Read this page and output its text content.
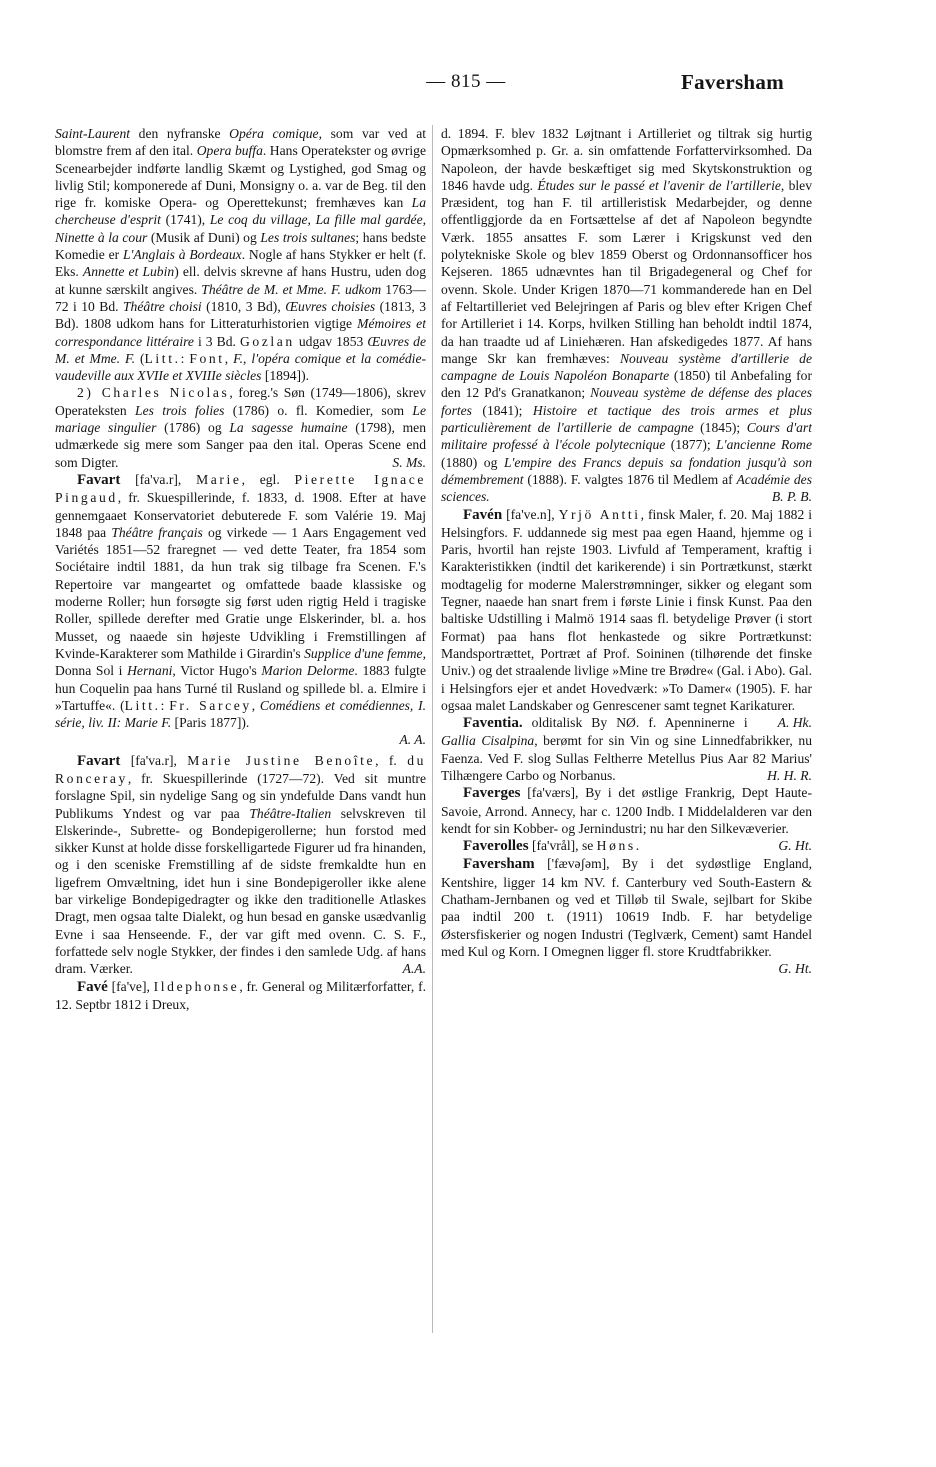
— 815 —	Faversham

Saint-Laurent den nyfranske Opéra comique, som var ved at blomstre frem af den ital. Opera buffa. Hans Operatekster og øvrige Scenearbejder indførte landlig Skæmt og Lystighed, god Smag og livlig Stil; komponerede af Duni, Monsigny o. a. var de Beg. til den rige fr. komiske Opera- og Operettekunst; fremhæves kan La chercheuse d'esprit (1741), Le coq du village, La fille mal gardée, Ninette à la cour (Musik af Duni) og Les trois sultanes; hans bedste Komedie er L'Anglais à Bordeaux. Nogle af hans Stykker er helt (f. Eks. Annette et Lubin) ell. delvis skrevne af hans Hustru, uden dog at kunne særskilt angives. Théâtre de M. et Mme. F. udkom 1763—72 i 10 Bd. Théâtre choisi (1810, 3 Bd), Œuvres choisies (1813, 3 Bd). 1808 udkom hans for Litteraturhistorien vigtige Mémoires et correspondance littéraire i 3 Bd. Gozlan udgav 1853 Œuvres de M. et Mme. F. (Litt.: Font, F., l'opéra comique et la comédie-vaudeville aux XVIIe et XVIIIe siècles [1894]).

2) Charles Nicolas, foreg.'s Søn (1749—1806), skrev Operateksten Les trois folies (1786) o. fl. Komedier, som Le mariage singulier (1786) og La sagesse humaine (1798), men udmærkede sig mere som Sanger paa den ital. Operas Scene end som Digter.	S. Ms.

Favart [fa'va.r], Marie, egl. Pierette Ignace Pingaud, fr. Skuespillerinde, f. 1833, d. 1908. Efter at have gennemgaaet Konservatoriet debuterede F. som Valérie 19. Maj 1848 paa Théâtre français og virkede — 1 Aars Engagement ved Variétés 1851—52 fraregnet — ved dette Teater, fra 1854 som Sociétaire indtil 1881, da hun trak sig tilbage fra Scenen. F.'s Repertoire var mangeartet og omfattede baade klassiske og moderne Roller; hun forsøgte sig først uden rigtig Held i tragiske Roller, spillede derefter med Gratie unge Elskerinder, bl. a. hos Musset, og naaede sin højeste Udvikling i Fremstillingen af Kvinde-Karakterer som Mathilde i Girardin's Supplice d'une femme, Donna Sol i Hernani, Victor Hugo's Marion Delorme. 1883 fulgte hun Coquelin paa hans Turné til Rusland og spillede bl. a. Elmire i »Tartuffe«. (Litt.: Fr. Sarcey, Comédiens et comédiennes, I. série, liv. II: Marie F. [Paris 1877]).

A. A.

Favart [fa'va.r], Marie Justine Benoîte, f. du Ronceray, fr. Skuespillerinde (1727—72). Ved sit muntre forslagne Spil, sin nydelige Sang og sin yndefulde Dans vandt hun Publikums Yndest og var paa Théâtre-Italien selvskreven til Elskerinde-, Subrette- og Bondepigerollerne; hun forstod med sikker Kunst at holde disse forskelligartede Figurer ud fra hinanden, og i den sceniske Fremstilling af de sidste fremkaldte hun en ligefrem Omvæltning, idet hun i sine Bondepigeroller ikke alene bar virkelige Bondepigedragter og ikke den traditionelle Atlaskes Dragt, men ogsaa talte Dialekt, og hun besad en ganske usædvanlig Evne i saa Henseende. F., der var gift med ovenn. C. S. F., forfattede selv nogle Stykker, der findes i den samlede Udg. af hans dram. Værker.	A.A.

Favé [fa've], Ildephonse, fr. General og Militærforfatter, f. 12. Septbr 1812 i Dreux,

d. 1894. F. blev 1832 Løjtnant i Artilleriet og tiltrak sig hurtig Opmærksomhed p. Gr. a. sin omfattende Forfattervirksomhed. Da Napoleon, der havde beskæftiget sig med Skytskonstruktion og 1846 havde udg. Études sur le passé et l'avenir de l'artillerie, blev Præsident, tog han F. til artilleristisk Medarbejder, og denne offentliggjorde da en Fortsættelse af det af Napoleon begyndte Værk. 1855 ansattes F. som Lærer i Krigskunst ved den polytekniske Skole og blev 1859 Oberst og Ordonnansofficer hos Kejseren. 1865 udnævntes han til Brigadegeneral og Chef for ovenn. Skole. Under Krigen 1870—71 kommanderede han en Del af Feltartilleriet ved Belejringen af Paris og blev efter Krigen Chef for Artilleriet i 14. Korps, hvilken Stilling han beholdt indtil 1874, da han traadte ud af Liniehæren. Han afskedigedes 1877. Af hans mange Skr kan fremhæves: Nouveau système d'artillerie de campagne de Louis Napoléon Bonaparte (1850) til Anbefaling for den 12 Pd's Granatkanon; Nouveau système de défense des places fortes (1841); Histoire et tactique des trois armes et plus particulièrement de l'artillerie de campagne (1845); Cours d'art militaire professé à l'école polytecnique (1877); L'ancienne Rome (1880) og L'empire des Francs depuis sa fondation jusqu'à son démembrement (1888). F. valgtes 1876 til Medlem af Académie des sciences.	B. P. B.

Favén [fa've.n], Yrjö Antti, finsk Maler, f. 20. Maj 1882 i Helsingfors. F. uddannede sig mest paa egen Haand, hjemme og i Paris, hvortil han rejste 1903. Livfuld af Temperament, kraftig i Karakteristikken (indtil det karikerende) i sin Portrætkunst, stærkt modtagelig for moderne Malerstrømninger, sikker og elegant som Tegner, naaede han snart frem i første Linie i finsk Kunst. Paa den baltiske Udstilling i Malmö 1914 saas fl. betydelige Prøver (i stort Format) paa hans flot henkastede og sikre Portrætkunst: Mandsportrættet, Portræt af Prof. Soininen (tilhørende det finske Univ.) og det straalende livlige »Mine tre Brødre« (Gal. i Abo). Gal. i Helsingfors ejer et andet Hovedværk: »To Damer« (1905). F. har ogsaa malet Landskaber og Genrescener samt tegnet Karikaturer.
A. Hk.

Faventia. olditalisk By NØ. f. Apenninerne i Gallia Cisalpina, berømt for sin Vin og sine Linnedfabrikker, nu Faenza. Ved F. slog Sullas Feltherre Metellus Pius Aar 82 Marius' Tilhængere Carbo og Norbanus.	H. H. R.

Faverges [fa'værs], By i det østlige Frankrig, Dept Haute-Savoie, Arrond. Annecy, har c. 1200 Indb. I Middelalderen var den kendt for sin Kobber- og Jernindustri; nu har den Silkevæverier.
G. Ht.

Faverolles [fa'vrål], se Høns.

Faversham ['fævəʃəm], By i det sydøstlige England, Kentshire, ligger 14 km NV. f. Canterbury ved South-Eastern & Chatham-Jernbanen og ved et Tilløb til Swale, sejlbart for Skibe paa indtil 200 t. (1911) 10619 Indb. F. har betydelige Østersfiskerier og nogen Industri (Teglværk, Cement) samt Handel med Kul og Korn. I Omegnen ligger fl. store Krudtfabrikker.
G. Ht.
